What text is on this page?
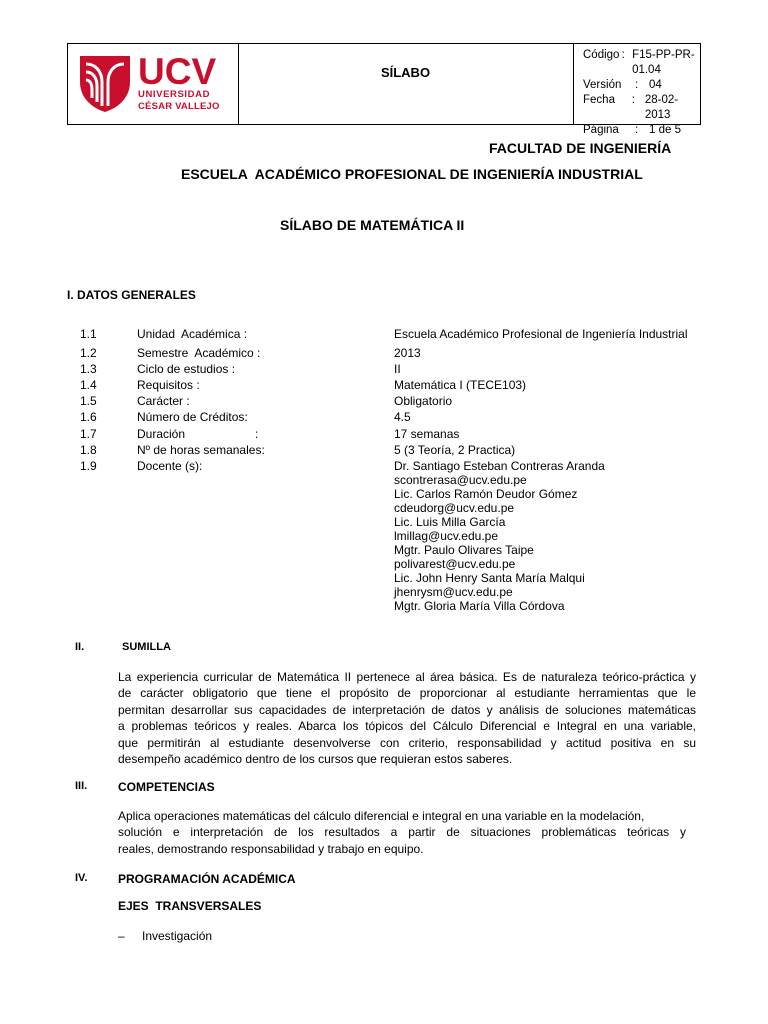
UCV
UNIVERSIDAD
CÉSAR VALLEJO
SÍLABO
Código : F15-PP-PR-01.04
Versión	: 04
Fecha	: 28-02-2013
Página	: 1 de 5
FACULTAD DE INGENIERÍA
ESCUELA  ACADÉMICO PROFESIONAL DE INGENIERÍA INDUSTRIAL
SÍLABO DE MATEMÁTICA II
I. DATOS GENERALES
1.1	Unidad  Académica :	Escuela Académico Profesional de Ingeniería Industrial
1.2	Semestre  Académico :	2013
1.3	Ciclo de estudios :	II
1.4	Requisitos :	Matemática I (TECE103)
1.5	Carácter :	Obligatorio
1.6	Número de Créditos:	4.5
1.7	Duración	:	17 semanas
1.8	Nº de horas semanales:	5 (3 Teoría, 2 Practica)
1.9	Docente (s):	Dr. Santiago Esteban Contreras Aranda
scontrerasa@ucv.edu.pe
Lic. Carlos Ramón Deudor Gómez
cdeudorg@ucv.edu.pe
Lic. Luis Milla García
lmillag@ucv.edu.pe
Mgtr. Paulo Olivares Taipe
polivarest@ucv.edu.pe
Lic. John Henry Santa María Malqui
jhenrysm@ucv.edu.pe
Mgtr. Gloria María Villa Córdova
II.	SUMILLA
La experiencia curricular de Matemática II pertenece al área básica. Es de naturaleza teórico-práctica y
de carácter obligatorio que tiene el propósito de proporcionar al estudiante herramientas que le
permitan desarrollar sus capacidades de interpretación de datos y análisis de soluciones matemáticas
a problemas teóricos y reales. Abarca los tópicos del Cálculo Diferencial e Integral en una variable,
que permitirán al estudiante desenvolverse con criterio, responsabilidad y actitud positiva en su
desempeño académico dentro de los cursos que requieran estos saberes.
III.	COMPETENCIAS
Aplica operaciones matemáticas del cálculo diferencial e integral en una variable en la modelación,
solución e interpretación de los resultados a partir de situaciones problemáticas teóricas y
reales, demostrando responsabilidad y trabajo en equipo.
IV.	PROGRAMACIÓN ACADÉMICA
EJES  TRANSVERSALES
– Investigación
